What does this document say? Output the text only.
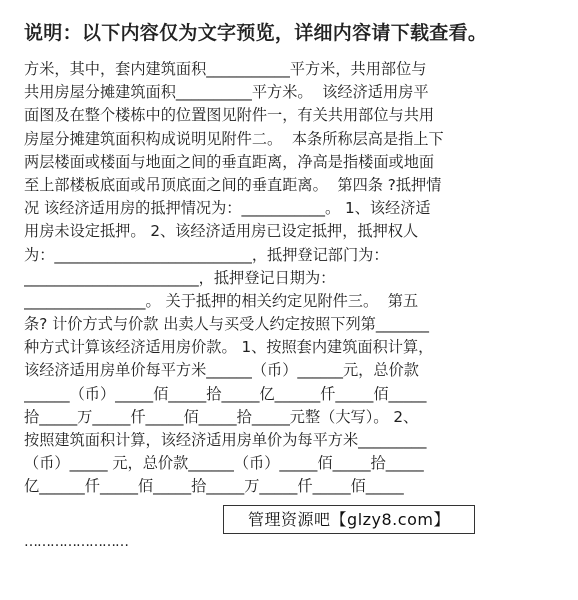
说明：以下内容仅为文字预览，详细内容请下载查看。
方米，其中，套内建筑面积___________平方米，共用部位与
共用房屋分摊建筑面积__________平方米。  该经济适用房平
面图及在整个楼栋中的位置图见附件一，有关共用部位与共用
房屋分摊建筑面积构成说明见附件二。  本条所称层高是指上下
两层楼面或楼面与地面之间的垂直距离，净高是指楼面或地面
至上部楼板底面或吊顶底面之间的垂直距离。  第四条 ?抵押情
况 该经济适用房的抵押情况为：___________。 1、该经济适
用房未设定抵押。 2、该经济适用房已设定抵押，抵押权人
为：__________________________，抵押登记部门为：
_______________________，抵押登记日期为：
________________。 关于抵押的相关约定见附件三。  第五
条? 计价方式与价款 出卖人与买受人约定按照下列第_______
种方式计算该经济适用房价款。 1、按照套内建筑面积计算，
该经济适用房单价每平方米______（币）______元，总价款
______（币）_____佰_____拾_____亿______仟_____佰_____
拾_____万_____仟_____佰_____拾_____元整（大写）。 2、
按照建筑面积计算，该经济适用房单价为每平方米_________
（币）_____ 元，总价款______（币）_____佰_____拾_____
亿______仟_____佰_____拾_____万_____仟_____佰_____
管理资源吧【glzy8.com】
……………………
